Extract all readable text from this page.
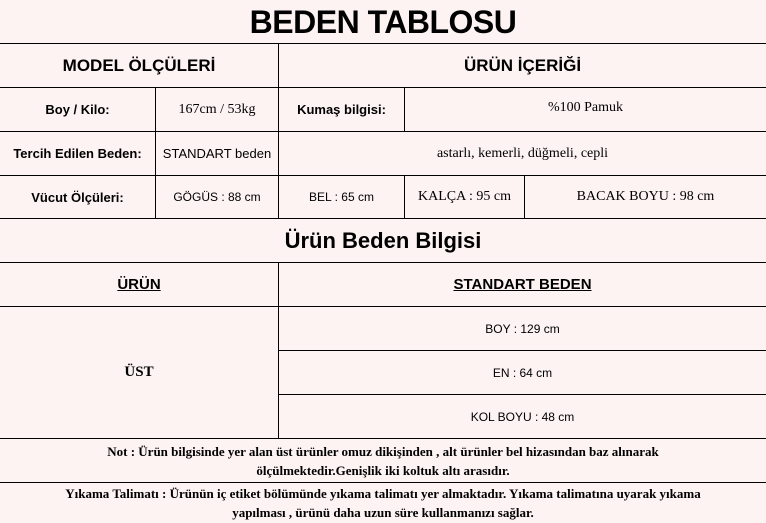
BEDEN TABLOSU
MODEL ÖLÇÜLERİ	ÜRÜN İÇERİĞİ
Boy / Kilo:	167cm / 53kg	Kumaş bilgisi:	%100 Pamuk
Tercih Edilen Beden:	STANDART beden	astarlı, kemerli, düğmeli, cepli
Vücut Ölçüleri:	GÖGÜS : 88 cm	BEL : 65 cm	KALÇA : 95 cm	BACAK BOYU : 98 cm
Ürün Beden Bilgisi
ÜRÜN	STANDART BEDEN
ÜST
BOY : 129 cm
EN : 64 cm
KOL BOYU : 48 cm
Not : Ürün bilgisinde yer alan üst ürünler omuz dikişinden , alt ürünler bel hizasından baz alınarak
ölçülmektedir.Genişlik iki koltuk altı arasıdır.
Yıkama Talimatı : Ürünün iç etiket bölümünde yıkama talimatı yer almaktadır. Yıkama talimatına uyarak yıkama
yapılması , ürünü daha uzun süre kullanmanızı sağlar.
